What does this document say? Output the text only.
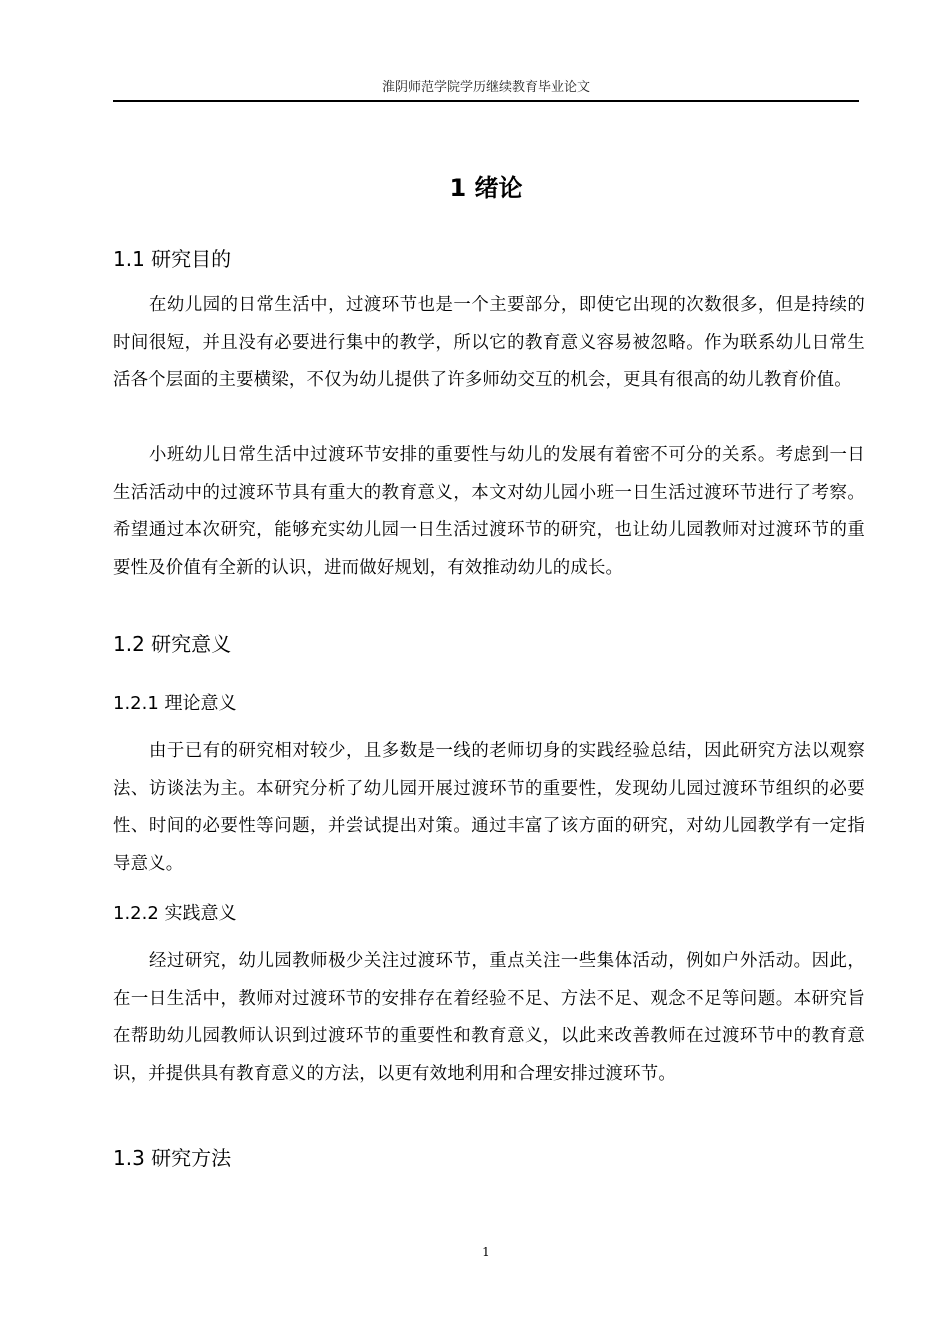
淮阴师范学院学历继续教育毕业论文
1 绪论
1.1 研究目的

在幼儿园的日常生活中，过渡环节也是一个主要部分，即使它出现的次数很多，但是持续的时间很短，并且没有必要进行集中的教学，所以它的教育意义容易被忽略。作为联系幼儿日常生活各个层面的主要横梁，不仅为幼儿提供了许多师幼交互的机会，更具有很高的幼儿教育价值。

小班幼儿日常生活中过渡环节安排的重要性与幼儿的发展有着密不可分的关系。考虑到一日生活活动中的过渡环节具有重大的教育意义，本文对幼儿园小班一日生活过渡环节进行了考察。希望通过本次研究，能够充实幼儿园一日生活过渡环节的研究，也让幼儿园教师对过渡环节的重要性及价值有全新的认识，进而做好规划，有效推动幼儿的成长。

1.2 研究意义
1.2.1 理论意义

由于已有的研究相对较少，且多数是一线的老师切身的实践经验总结，因此研究方法以观察法、访谈法为主。本研究分析了幼儿园开展过渡环节的重要性，发现幼儿园过渡环节组织的必要性、时间的必要性等问题，并尝试提出对策。通过丰富了该方面的研究，对幼儿园教学有一定指导意义。

1.2.2 实践意义

经过研究，幼儿园教师极少关注过渡环节，重点关注一些集体活动，例如户外活动。因此，在一日生活中，教师对过渡环节的安排存在着经验不足、方法不足、观念不足等问题。本研究旨在帮助幼儿园教师认识到过渡环节的重要性和教育意义，以此来改善教师在过渡环节中的教育意识，并提供具有教育意义的方法，以更有效地利用和合理安排过渡环节。

1.3 研究方法
1
